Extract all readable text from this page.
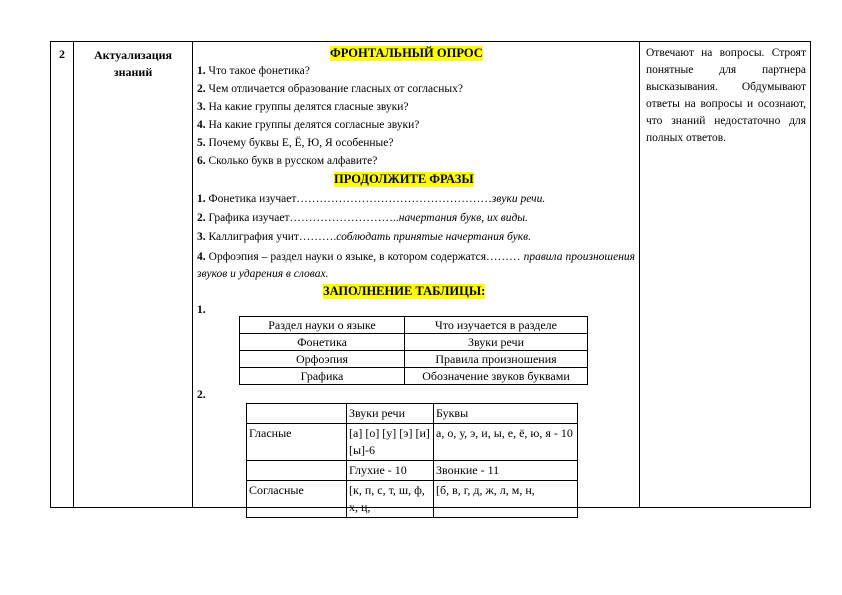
2	Актуализация знаний
ФРОНТАЛЬНЫЙ ОПРОС
1. Что такое фонетика?
2. Чем отличается образование гласных от согласных?
3. На какие группы делятся гласные звуки?
4. На какие группы делятся согласные звуки?
5. Почему буквы Е, Ё, Ю, Я особенные?
6. Сколько букв в русском алфавите?
ПРОДОЛЖИТЕ ФРАЗЫ
1. Фонетика изучает……………………………………………звуки речи.
2. Графика изучает………………………..начертания букв, их виды.
3. Каллиграфия учит……….соблюдать принятые начертания букв.
4. Орфоэпия – раздел науки о языке, в котором содержатся……… правила произношения звуков и ударения в словах.
ЗАПОЛНЕНИЕ ТАБЛИЦЫ:
1.
2.
Раздел науки о языке	Что изучается в разделе
Фонетика	Звуки речи
Орфоэпия	Правила произношения
Графика	Обозначение звуков буквами
	Звуки речи	Буквы
Гласные	[а] [о] [у] [э] [и] [ы]-6	а, о, у, э, и, ы, е, ё, ю, я - 10
	Глухие - 10	Звонкие - 11
Согласные	[к, п, с, т, ш, ф, х, ц,	[б, в, г, д, ж, л, м, н,
Отвечают на вопросы. Строят понятные для партнера высказывания. Обдумывают ответы на вопросы и осознают, что знаний недостаточно для полных ответов.
